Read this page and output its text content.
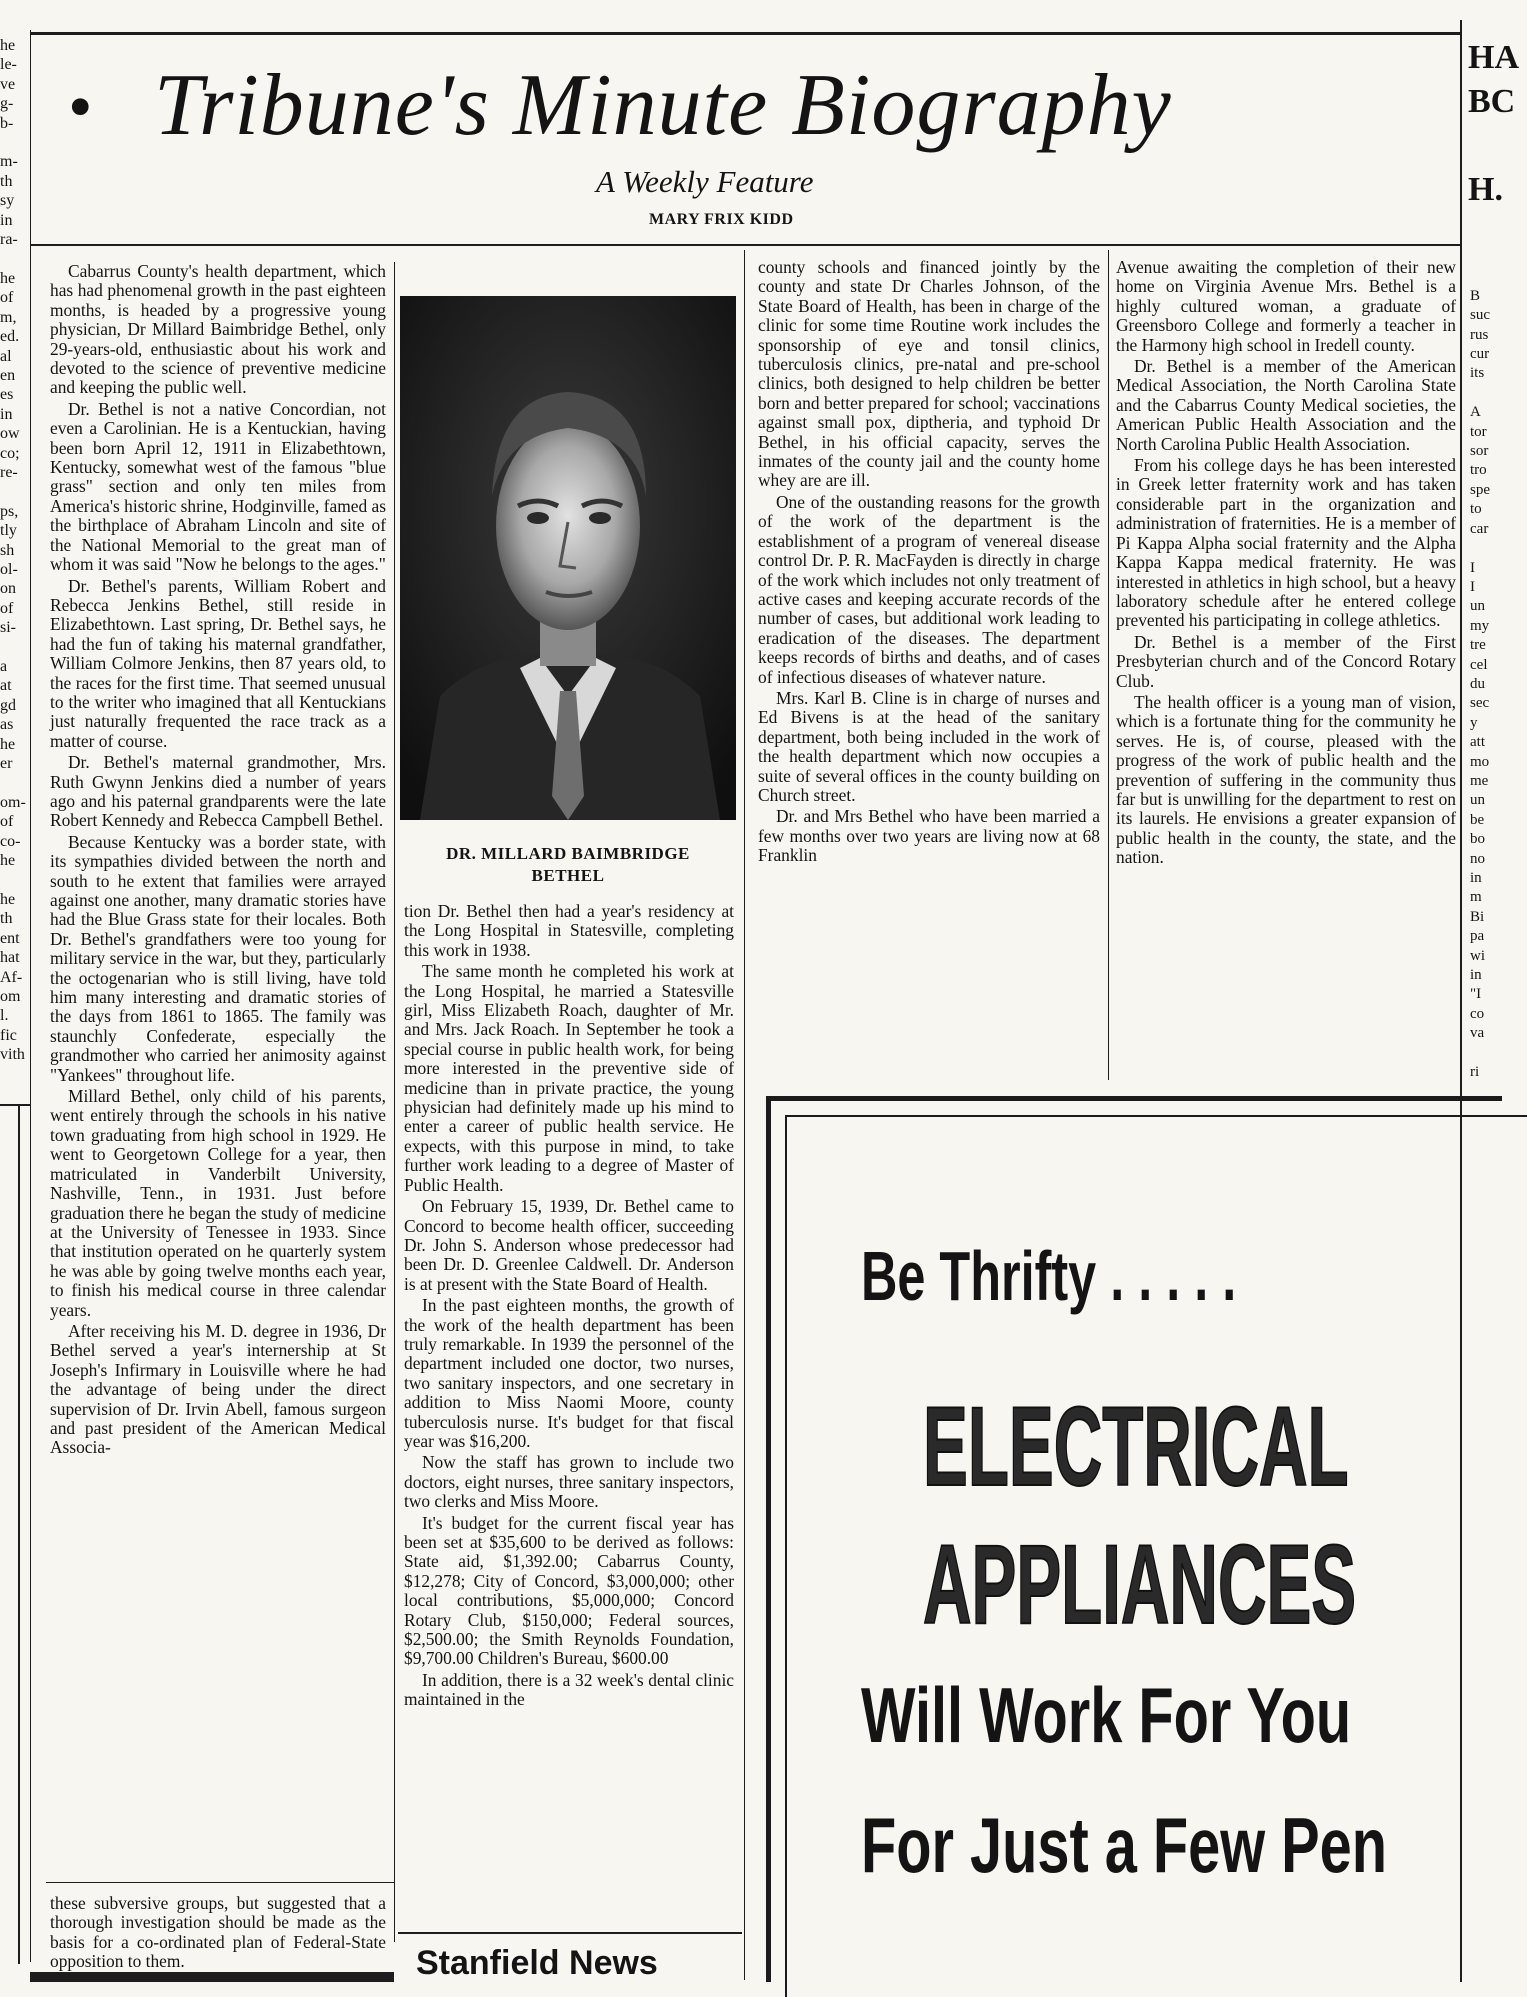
he
le-
ve
g-
b-

m-
th
sy
in
ra-

he
of
m,
ed.
al
en
es
in
ow
co;
re-

ps,
tly
sh
ol-
on
of
si-

a
at
gd
as
he
er

om-
of
co-
he

he
th
ent
hat
Af-
om
l.
fic
vith
• Tribune's Minute Biography
A Weekly Feature
MARY FRIX KIDD
HA
BC

H.

B
suc
rus
cur
its

A
tor
sor
tro
spe
to
car

I
I
un
my
tre
cel
du
sec
y
att
mo
me
un
be
bo
no
in
m
Bi
pa
wi
in
"I
co
va

ri

Cabarrus County's health department, which has had phenomenal growth in the past eighteen months, is headed by a progressive young physician, Dr Millard Baimbridge Bethel, only 29-years-old, enthusiastic about his work and devoted to the science of preventive medicine and keeping the public well.

Dr. Bethel is not a native Concordian, not even a Carolinian. He is a Kentuckian, having been born April 12, 1911 in Elizabethtown, Kentucky, somewhat west of the famous "blue grass" section and only ten miles from America's historic shrine, Hodginville, famed as the birthplace of Abraham Lincoln and site of the National Memorial to the great man of whom it was said "Now he belongs to the ages."

Dr. Bethel's parents, William Robert and Rebecca Jenkins Bethel, still reside in Elizabethtown. Last spring, Dr. Bethel says, he had the fun of taking his maternal grandfather, William Colmore Jenkins, then 87 years old, to the races for the first time. That seemed unusual to the writer who imagined that all Kentuckians just naturally frequented the race track as a matter of course.

Dr. Bethel's maternal grandmother, Mrs. Ruth Gwynn Jenkins died a number of years ago and his paternal grandparents were the late Robert Kennedy and Rebecca Campbell Bethel.

Because Kentucky was a border state, with its sympathies divided between the north and south to he extent that families were arrayed against one another, many dramatic stories have had the Blue Grass state for their locales. Both Dr. Bethel's grandfathers were too young for military service in the war, but they, particularly the octogenarian who is still living, have told him many interesting and dramatic stories of the days from 1861 to 1865. The family was staunchly Confederate, especially the grandmother who carried her animosity against "Yankees" throughout life.

Millard Bethel, only child of his parents, went entirely through the schools in his native town graduating from high school in 1929. He went to Georgetown College for a year, then matriculated in Vanderbilt University, Nashville, Tenn., in 1931. Just before graduation there he began the study of medicine at the University of Tenessee in 1933. Since that institution operated on he quarterly system he was able by going twelve months each year, to finish his medical course in three calendar years.

After receiving his M. D. degree in 1936, Dr Bethel served a year's internership at St Joseph's Infirmary in Louisville where he had the advantage of being under the direct supervision of Dr. Irvin Abell, famous surgeon and past president of the American Medical Associa-

these subversive groups, but suggested that a thorough investigation should be made as the basis for a co-ordinated plan of Federal-State opposition to them.

DR. MILLARD BAIMBRIDGE
BETHEL

tion Dr. Bethel then had a year's residency at the Long Hospital in Statesville, completing this work in 1938.

The same month he completed his work at the Long Hospital, he married a Statesville girl, Miss Elizabeth Roach, daughter of Mr. and Mrs. Jack Roach. In September he took a special course in public health work, for being more interested in the preventive side of medicine than in private practice, the young physician had definitely made up his mind to enter a career of public health service. He expects, with this purpose in mind, to take further work leading to a degree of Master of Public Health.

On February 15, 1939, Dr. Bethel came to Concord to become health officer, succeeding Dr. John S. Anderson whose predecessor had been Dr. D. Greenlee Caldwell. Dr. Anderson is at present with the State Board of Health.

In the past eighteen months, the growth of the work of the health department has been truly remarkable. In 1939 the personnel of the department included one doctor, two nurses, two sanitary inspectors, and one secretary in addition to Miss Naomi Moore, county tuberculosis nurse. It's budget for that fiscal year was $16,200.

Now the staff has grown to include two doctors, eight nurses, three sanitary inspectors, two clerks and Miss Moore.

It's budget for the current fiscal year has been set at $35,600 to be derived as follows: State aid, $1,392.00; Cabarrus County, $12,278; City of Concord, $3,000,000; other local contributions, $5,000,000; Concord Rotary Club, $150,000; Federal sources, $2,500.00; the Smith Reynolds Foundation, $9,700.00 Children's Bureau, $600.00

In addition, there is a 32 week's dental clinic maintained in the

Stanfield News

county schools and financed jointly by the county and state Dr Charles Johnson, of the State Board of Health, has been in charge of the clinic for some time Routine work includes the sponsorship of eye and tonsil clinics, tuberculosis clinics, pre-natal and pre-school clinics, both designed to help children be better born and better prepared for school; vaccinations against small pox, diptheria, and typhoid Dr Bethel, in his official capacity, serves the inmates of the county jail and the county home whey are are ill.

One of the oustanding reasons for the growth of the work of the department is the establishment of a program of venereal disease control Dr. P. R. MacFayden is directly in charge of the work which includes not only treatment of active cases and keeping accurate records of the number of cases, but additional work leading to eradication of the diseases. The department keeps records of births and deaths, and of cases of infectious diseases of whatever nature.

Mrs. Karl B. Cline is in charge of nurses and Ed Bivens is at the head of the sanitary department, both being included in the work of the health department which now occupies a suite of several offices in the county building on Church street.

Dr. and Mrs Bethel who have been married a few months over two years are living now at 68 Franklin

Avenue awaiting the completion of their new home on Virginia Avenue Mrs. Bethel is a highly cultured woman, a graduate of Greensboro College and formerly a teacher in the Harmony high school in Iredell county.

Dr. Bethel is a member of the American Medical Association, the North Carolina State and the Cabarrus County Medical societies, the American Public Health Association and the North Carolina Public Health Association.

From his college days he has been interested in Greek letter fraternity work and has taken considerable part in the organization and administration of fraternities. He is a member of Pi Kappa Alpha social fraternity and the Alpha Kappa Kappa medical fraternity. He was interested in athletics in high school, but a heavy laboratory schedule after he entered college prevented his participating in college athletics.

Dr. Bethel is a member of the First Presbyterian church and of the Concord Rotary Club.

The health officer is a young man of vision, which is a fortunate thing for the community he serves. He is, of course, pleased with the progress of the work of public health and the prevention of suffering in the community thus far but is unwilling for the department to rest on its laurels. He envisions a greater expansion of public health in the county, the state, and the nation.

Be Thrifty . . . . .
ELECTRICAL
APPLIANCES
Will Work For You
For Just a Few Pen
